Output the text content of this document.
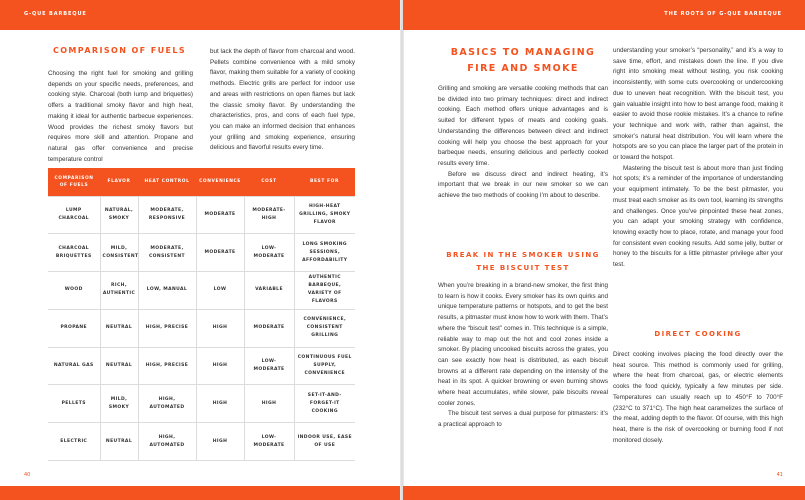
G-QUE BARBEQUE
COMPARISON OF FUELS

Choosing the right fuel for smoking and grilling depends on your specific needs, preferences, and cooking style. Charcoal (both lump and briquettes) offers a traditional smoky flavor and high heat, making it ideal for authentic barbecue experiences. Wood provides the richest smoky flavors but requires more skill and attention. Propane and natural gas offer convenience and precise temperature control

but lack the depth of flavor from charcoal and wood. Pellets combine convenience with a mild smoky flavor, making them suitable for a variety of cooking methods. Electric grills are perfect for indoor use and areas with restrictions on open flames but lack the classic smoky flavor. By understanding the characteristics, pros, and cons of each fuel type, you can make an informed decision that enhances your grilling and smoking experience, ensuring delicious and flavorful results every time.

COMPARISON OF FUELS	FLAVOR	HEAT CONTROL	CONVENIENCE	COST	BEST FOR
LUMP CHARCOAL	NATURAL, SMOKY	MODERATE, RESPONSIVE	MODERATE	MODERATE-HIGH	HIGH-HEAT GRILLING, SMOKY FLAVOR
CHARCOAL BRIQUETTES	MILD, CONSISTENT	MODERATE, CONSISTENT	MODERATE	LOW-MODERATE	LONG SMOKING SESSIONS, AFFORDABILITY
WOOD	RICH, AUTHENTIC	LOW, MANUAL	LOW	VARIABLE	AUTHENTIC BARBEQUE, VARIETY OF FLAVORS
PROPANE	NEUTRAL	HIGH, PRECISE	HIGH	MODERATE	CONVENIENCE, CONSISTENT GRILLING
NATURAL GAS	NEUTRAL	HIGH, PRECISE	HIGH	LOW-MODERATE	CONTINUOUS FUEL SUPPLY, CONVENIENCE
PELLETS	MILD, SMOKY	HIGH, AUTOMATED	HIGH	HIGH	SET-IT-AND-FORGET-IT COOKING
ELECTRIC	NEUTRAL	HIGH, AUTOMATED	HIGH	LOW-MODERATE	INDOOR USE, EASE OF USE
40
THE ROOTS OF G-QUE BARBEQUE
BASICS TO MANAGING
FIRE AND SMOKE

Grilling and smoking are versatile cooking methods that can be divided into two primary techniques: direct and indirect cooking. Each method offers unique advantages and is suited for different types of meats and cooking goals. Understanding the differences between direct and indirect cooking will help you choose the best approach for your barbeque needs, ensuring delicious and perfectly cooked results every time.

Before we discuss direct and indirect heating, it’s important that we break in our new smoker so we can achieve the two methods of cooking I’m about to describe.

BREAK IN THE SMOKER USING
THE BISCUIT TEST

When you’re breaking in a brand-new smoker, the first thing to learn is how it cooks. Every smoker has its own quirks and unique temperature patterns or hotspots, and to get the best results, a pitmaster must know how to work with them. That’s where the “biscuit test” comes in. This technique is a simple, reliable way to map out the hot and cool zones inside a smoker. By placing uncooked biscuits across the grates, you can see exactly how heat is distributed, as each biscuit browns at a different rate depending on the intensity of the heat in its spot. A quicker browning or even burning shows where heat accumulates, while slower, pale biscuits reveal cooler zones.

The biscuit test serves a dual purpose for pitmasters: it’s a practical approach to

understanding your smoker’s “personality,” and it’s a way to save time, effort, and mistakes down the line. If you dive right into smoking meat without testing, you risk cooking inconsistently, with some cuts overcooking or undercooking due to uneven heat recognition. With the biscuit test, you gain valuable insight into how to best arrange food, making it easier to avoid those rookie mistakes. It’s a chance to refine your technique and work with, rather than against, the smoker’s natural heat distribution. You will learn where the hotspots are so you can place the larger part of the protein in or toward the hotspot.

Mastering the biscuit test is about more than just finding hot spots; it’s a reminder of the importance of understanding your equipment intimately. To be the best pitmaster, you must treat each smoker as its own tool, learning its strengths and challenges. Once you’ve pinpointed these heat zones, you can adapt your smoking strategy with confidence, knowing exactly how to place, rotate, and manage your food for consistent even cooking results. Add some jelly, butter or honey to the biscuits for a little pitmaster privilege after your test.

DIRECT COOKING

Direct cooking involves placing the food directly over the heat source. This method is commonly used for grilling, where the heat from charcoal, gas, or electric elements cooks the food quickly, typically a few minutes per side. Temperatures can usually reach up to 450°F to 700°F (232°C to 371°C). The high heat caramelizes the surface of the meat, adding depth to the flavor. Of course, with this high heat, there is the risk of overcooking or burning food if not monitored closely.

41
